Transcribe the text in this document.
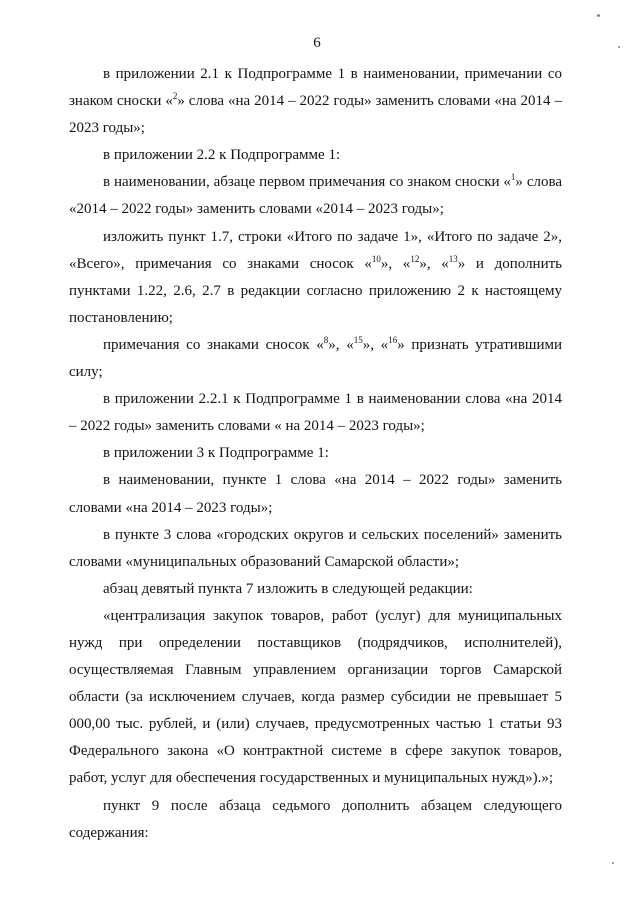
6

в приложении 2.1 к Подпрограмме 1 в наименовании, примечании со знаком сноски «$^2$» слова «на 2014 – 2022 годы» заменить словами «на 2014 – 2023 годы»;

в приложении 2.2 к Подпрограмме 1:

в наименовании, абзаце первом примечания со знаком сноски «$^1$» слова «2014 – 2022 годы» заменить словами «2014 – 2023 годы»;

изложить пункт 1.7, строки «Итого по задаче 1», «Итого по задаче 2», «Всего», примечания со знаками сносок «$^{10}$», «$^{12}$», «$^{13}$» и дополнить пунктами 1.22, 2.6, 2.7 в редакции согласно приложению 2 к настоящему постановлению;

примечания со знаками сносок «$^8$», «$^{15}$», «$^{16}$» признать утратившими силу;

в приложении 2.2.1 к Подпрограмме 1 в наименовании слова «на 2014 – 2022 годы» заменить словами « на 2014 – 2023 годы»;

в приложении 3 к Подпрограмме 1:

в наименовании, пункте 1 слова «на 2014 – 2022 годы» заменить словами «на 2014 – 2023 годы»;

в пункте 3 слова «городских округов и сельских поселений» заменить словами «муниципальных образований Самарской области»;

абзац девятый пункта 7 изложить в следующей редакции:

«централизация закупок товаров, работ (услуг) для муниципальных нужд при определении поставщиков (подрядчиков, исполнителей), осуществляемая Главным управлением организации торгов Самарской области (за исключением случаев, когда размер субсидии не превышает 5 000,00 тыс. рублей, и (или) случаев, предусмотренных частью 1 статьи 93 Федерального закона «О контрактной системе в сфере закупок товаров, работ, услуг для обеспечения государственных и муниципальных нужд»).»;

пункт 9 после абзаца седьмого дополнить абзацем следующего содержания:
